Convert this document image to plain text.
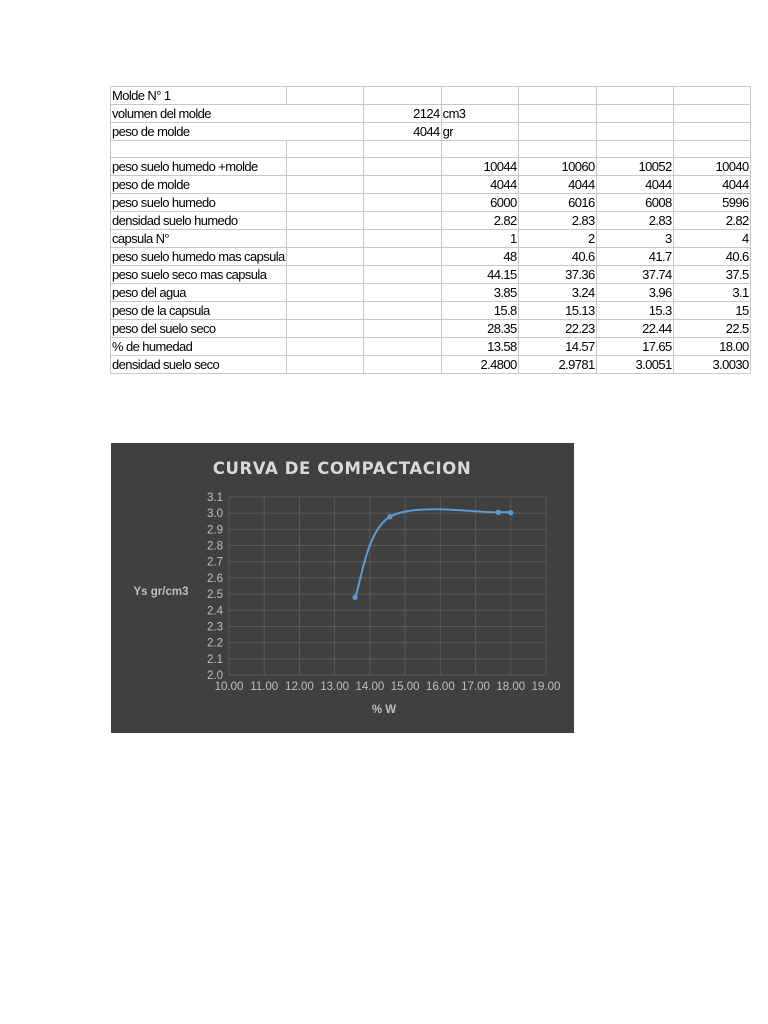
Molde N° 1						
volumen del molde		2124	cm3			
peso de molde		4044	gr			

peso suelo humedo +molde			10044	10060	10052	10040
peso de molde			4044	4044	4044	4044
peso suelo humedo			6000	6016	6008	5996
densidad suelo humedo			2.82	2.83	2.83	2.82
capsula N°			1	2	3	4
peso suelo humedo mas capsula			48	40.6	41.7	40.6
peso suelo seco mas capsula			44.15	37.36	37.74	37.5
peso del agua			3.85	3.24	3.96	3.1
peso de la capsula			15.8	15.13	15.3	15
peso del suelo seco			28.35	22.23	22.44	22.5
% de humedad			13.58	14.57	17.65	18.00
densidad suelo seco			2.4800	2.9781	3.0051	3.0030
CURVA DE COMPACTACION
10.00 11.00 12.00 13.00 14.00 15.00 16.00 17.00 18.00 19.00
2.0
2.1
2.2
2.3
2.4
2.5
2.6
2.7
2.8
2.9
3.0
3.1
Ys gr/cm3
% W
